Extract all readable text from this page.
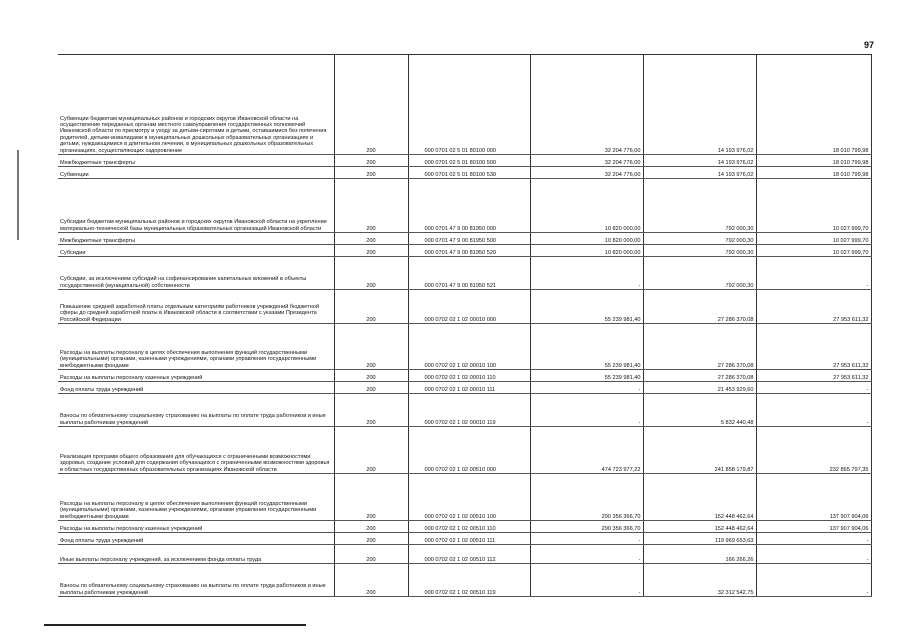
97
Субвенции бюджетам муниципальных районов и городских округов Ивановской области на осуществление переданных органам местного самоуправления государственных полномочий Ивановской области по присмотру и уходу за детьми-сиротами и детьми, оставшимися без попечения родителей, детьми-инвалидами в муниципальных дошкольных образовательных организациях и детьми, нуждающимися в длительном лечении, в муниципальных дошкольных образовательных организациях, осуществляющих оздоровление	200	000 0701 02 5 01 80100 000	32 204 776,00	14 193 976,02	18 010 799,98
Межбюджетные трансферты	200	000 0701 02 5 01 80100 500	32 204 776,00	14 193 976,02	18 010 799,98
Субвенции	200	000 0701 02 5 01 80100 530	32 204 776,00	14 193 976,02	18 010 799,98
Субсидии бюджетам муниципальных районов и городских округов Ивановской области на укрепление материально-технической базы муниципальных образовательных организаций Ивановской области	200	000 0701 47 9 00 81950 000	10 820 000,00	792 000,30	10 027 999,70
Межбюджетные трансферты	200	000 0701 47 9 00 81950 500	10 820 000,00	792 000,30	10 027 999,70
Субсидии	200	000 0701 47 9 00 81950 520	10 820 000,00	792 000,30	10 027 999,70
Субсидии, за исключением субсидий на софинансирование капитальных вложений в объекты государственной (муниципальной) собственности	200	000 0701 47 9 00 81950 521	-	792 000,30	-
Повышение средней заработной платы отдельным категориям работников учреждений бюджетной сферы до средней заработной платы в Ивановской области в соответствии с указами Президента Российской Федерации	200	000 0702 02 1 02 00010 000	55 239 981,40	27 286 370,08	27 953 611,32
Расходы на выплаты персоналу в целях обеспечения выполнения функций государственными (муниципальными) органами, казенными учреждениями, органами управления государственными внебюджетными фондами	200	000 0702 02 1 02 00010 100	55 239 981,40	27 286 370,08	27 953 611,32
Расходы на выплаты персоналу казенных учреждений	200	000 0702 02 1 02 00010 110	55 239 981,40	27 286 370,08	27 953 611,32
Фонд оплаты труда учреждений	200	000 0702 02 1 02 00010 111	-	21 453 929,60	-
Взносы по обязательному социальному страхованию на выплаты по оплате труда работников и иные выплаты работникам учреждений	200	000 0702 02 1 02 00010 119	-	5 832 440,48	-
Реализация программ общего образования для обучающихся с ограниченными возможностями здоровья, создание условий для содержания обучающихся с ограниченными возможностями здоровья в областных государственных образовательных организациях Ивановской области	200	000 0702 02 1 02 00510 000	474 723 977,22	241 858 179,87	232 865 797,35
Расходы на выплаты персоналу в целях обеспечения выполнения функций государственными (муниципальными) органами, казенными учреждениями, органами управления государственными внебюджетными фондами	200	000 0702 02 1 02 00510 100	290 356 366,70	152 448 462,64	137 907 904,06
Расходы на выплаты персоналу казенных учреждений	200	000 0702 02 1 02 00510 110	290 356 366,70	152 448 462,64	137 907 904,06
Фонд оплаты труда учреждений	200	000 0702 02 1 02 00510 111	-	119 969 653,63	-
Иные выплаты персоналу учреждений, за исключением фонда оплаты труда	200	000 0702 02 1 02 00510 112	-	166 266,26	-
Взносы по обязательному социальному страхованию на выплаты по оплате труда работников и иные выплаты работникам учреждений	200	000 0702 02 1 02 00510 119	-	32 312 542,75	-
